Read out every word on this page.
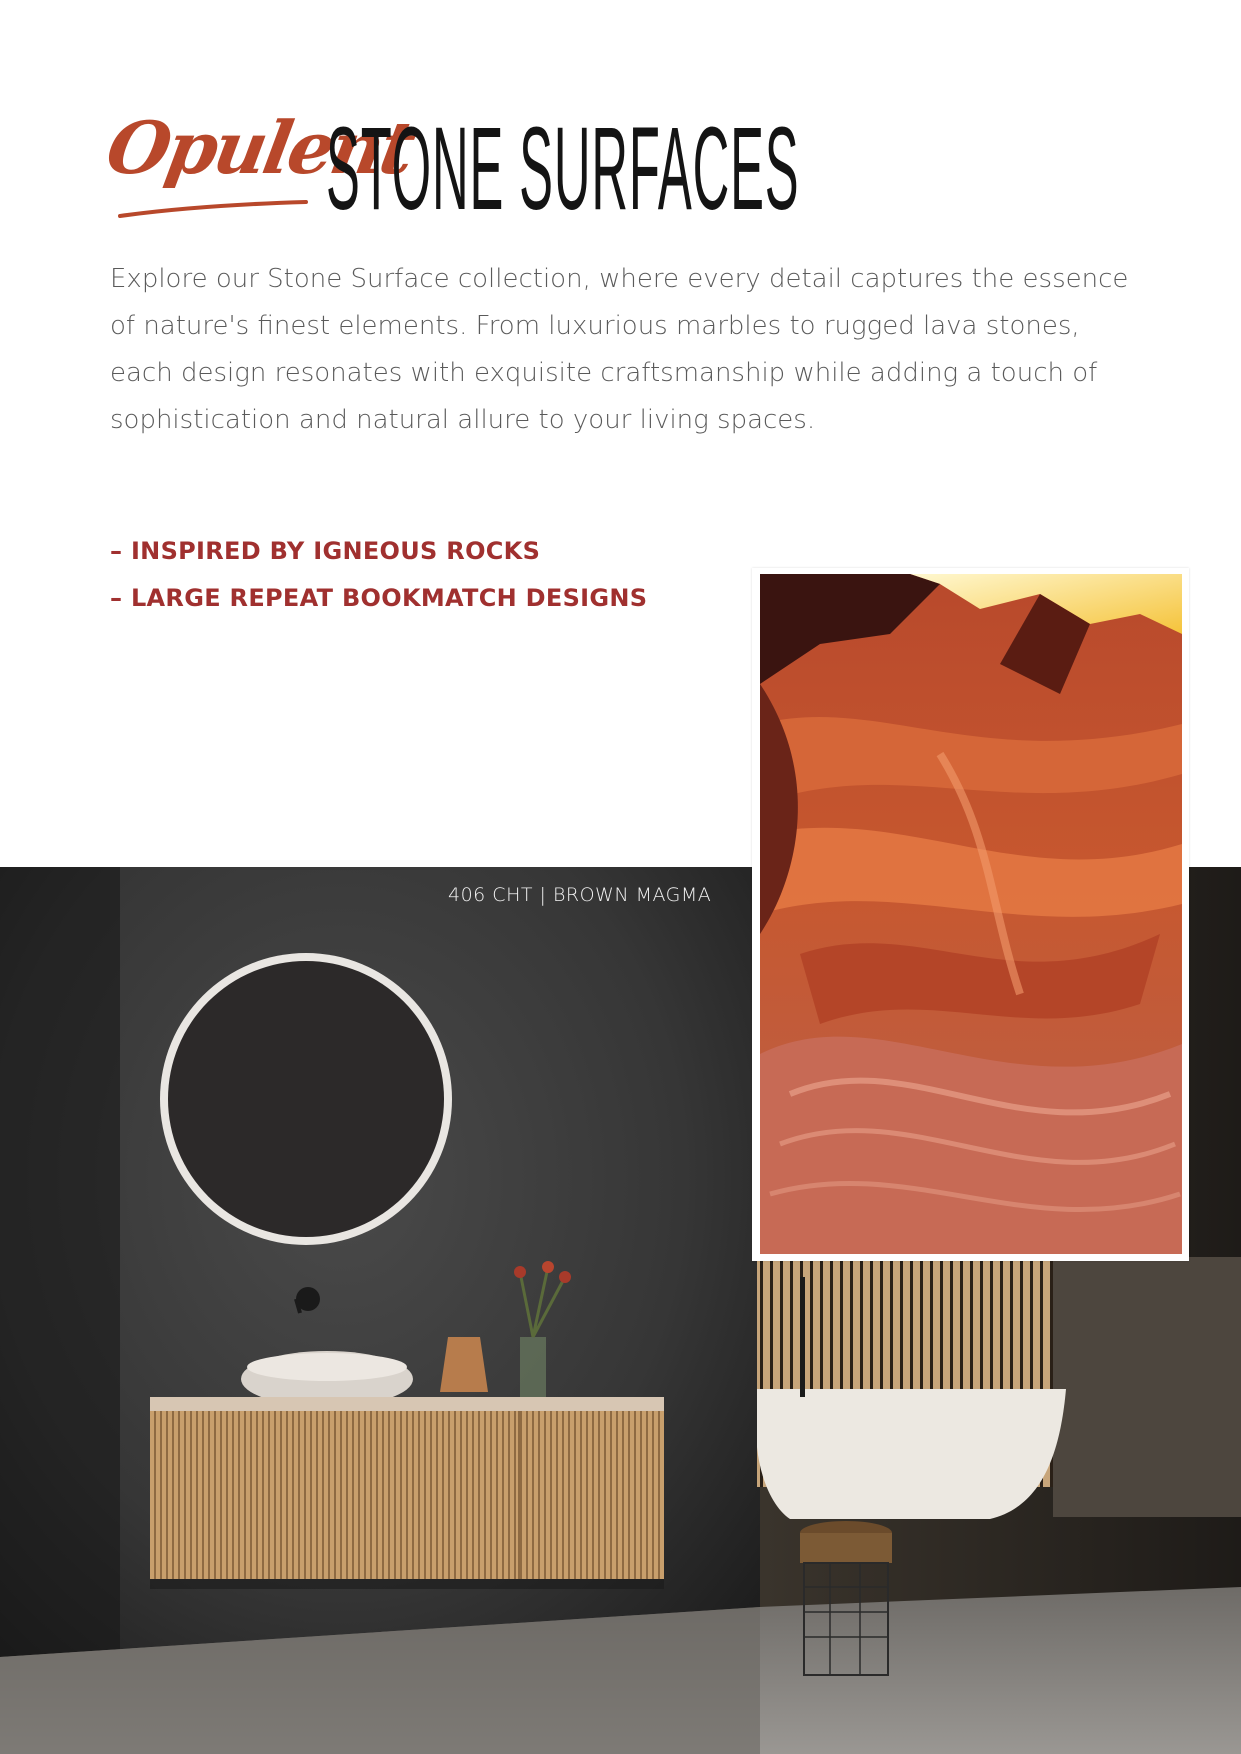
Opulent
STONE SURFACES

Explore our Stone Surface collection, where every detail captures the essence of nature's finest elements. From luxurious marbles to rugged lava stones, each design resonates with exquisite craftsmanship while adding a touch of sophistication and natural allure to your living spaces.

– INSPIRED BY IGNEOUS ROCKS
– LARGE REPEAT BOOKMATCH DESIGNS
406 CHT | BROWN MAGMA
